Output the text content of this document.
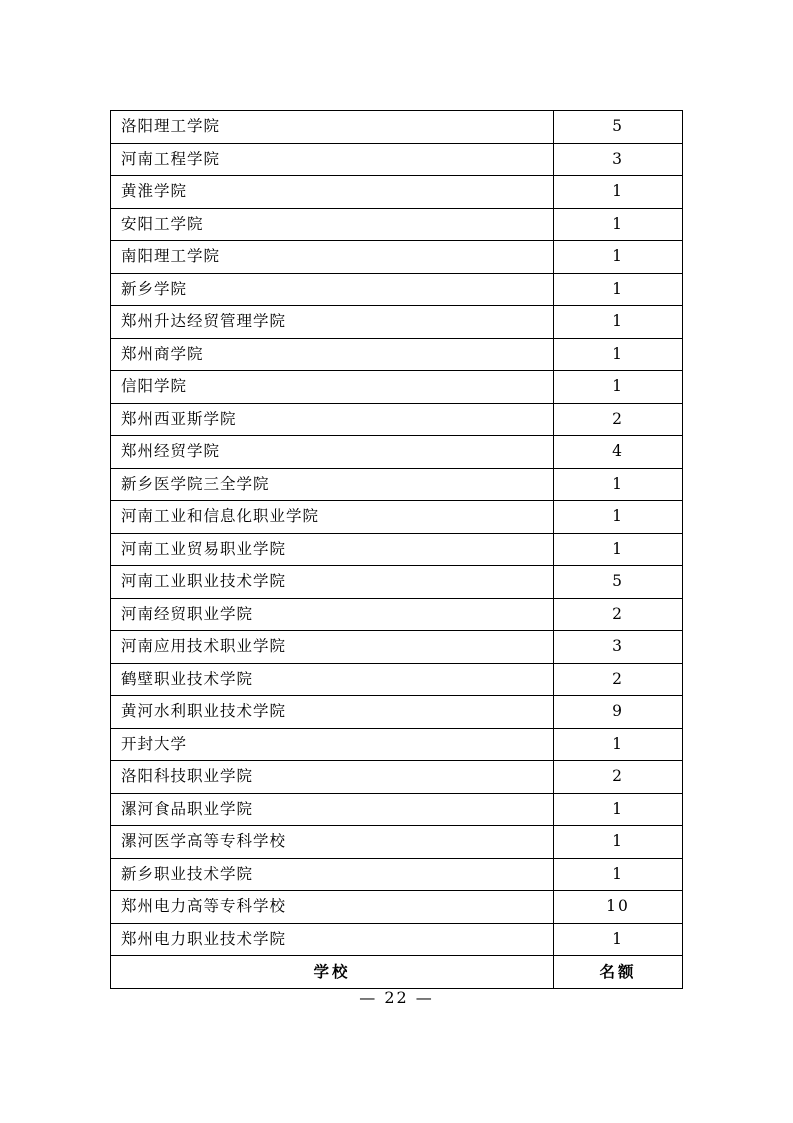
洛阳理工学院	5
河南工程学院	3
黄淮学院	1
安阳工学院	1
南阳理工学院	1
新乡学院	1
郑州升达经贸管理学院	1
郑州商学院	1
信阳学院	1
郑州西亚斯学院	2
郑州经贸学院	4
新乡医学院三全学院	1
河南工业和信息化职业学院	1
河南工业贸易职业学院	1
河南工业职业技术学院	5
河南经贸职业学院	2
河南应用技术职业学院	3
鹤壁职业技术学院	2
黄河水利职业技术学院	9
开封大学	1
洛阳科技职业学院	2
漯河食品职业学院	1
漯河医学高等专科学校	1
新乡职业技术学院	1
郑州电力高等专科学校	10
郑州电力职业技术学院	1
学校	名额
— 22 —
